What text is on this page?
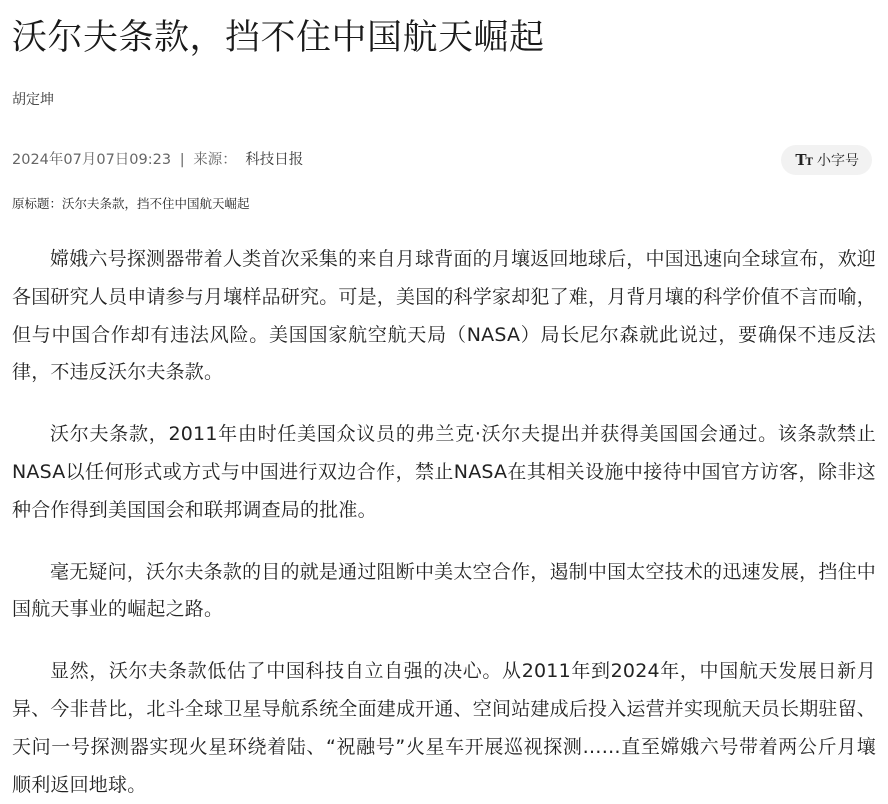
沃尔夫条款，挡不住中国航天崛起
胡定坤
2024年07月07日09:23 | 来源： 科技日报	TT 小字号
原标题：沃尔夫条款，挡不住中国航天崛起

嫦娥六号探测器带着人类首次采集的来自月球背面的月壤返回地球后，中国迅速向全球宣布，欢迎各国研究人员申请参与月壤样品研究。可是，美国的科学家却犯了难，月背月壤的科学价值不言而喻，但与中国合作却有违法风险。美国国家航空航天局（NASA）局长尼尔森就此说过，要确保不违反法律，不违反沃尔夫条款。

沃尔夫条款，2011年由时任美国众议员的弗兰克·沃尔夫提出并获得美国国会通过。该条款禁止NASA以任何形式或方式与中国进行双边合作，禁止NASA在其相关设施中接待中国官方访客，除非这种合作得到美国国会和联邦调查局的批准。

毫无疑问，沃尔夫条款的目的就是通过阻断中美太空合作，遏制中国太空技术的迅速发展，挡住中国航天事业的崛起之路。

显然，沃尔夫条款低估了中国科技自立自强的决心。从2011年到2024年，中国航天发展日新月异、今非昔比，北斗全球卫星导航系统全面建成开通、空间站建成后投入运营并实现航天员长期驻留、天问一号探测器实现火星环绕着陆、“祝融号”火星车开展巡视探测……直至嫦娥六号带着两公斤月壤顺利返回地球。
